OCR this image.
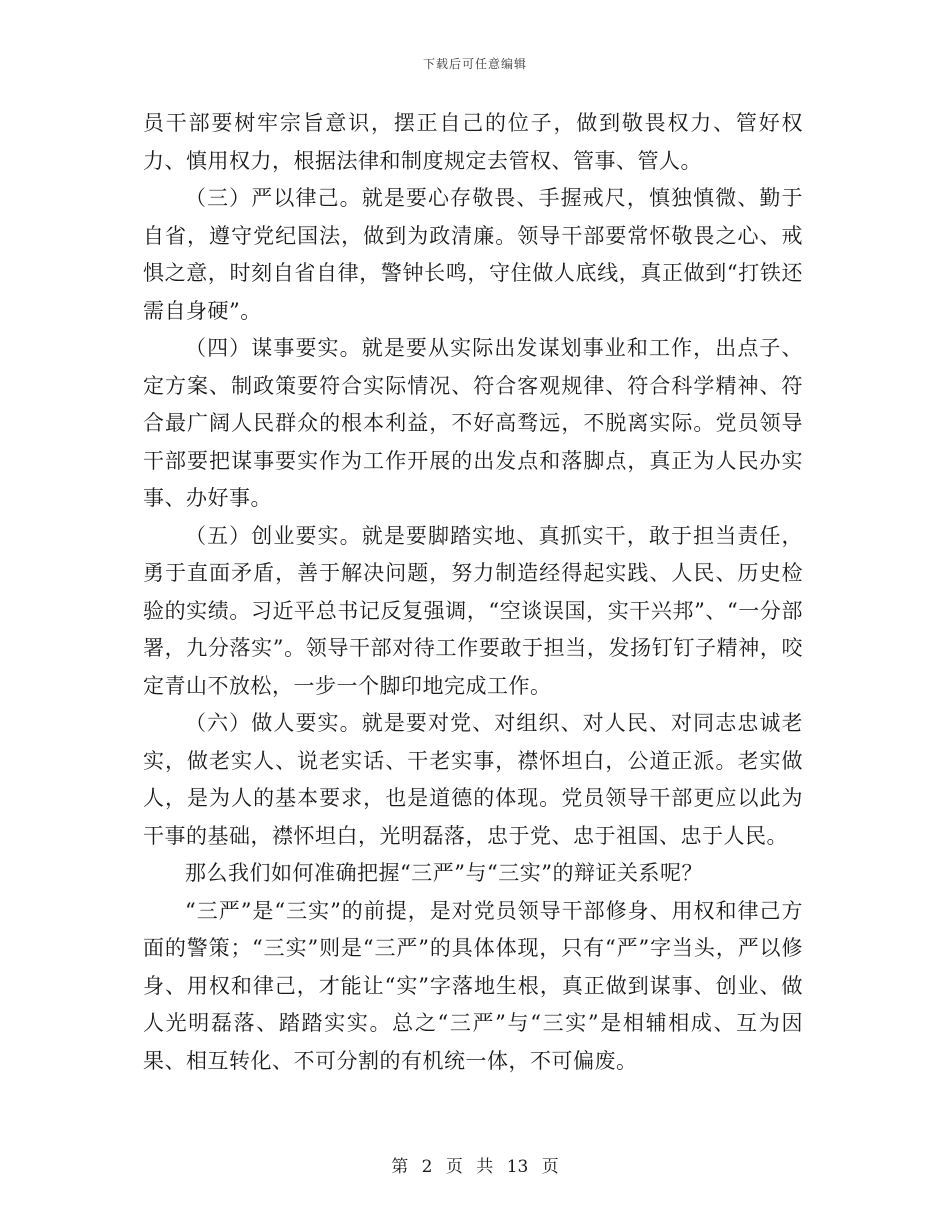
下载后可任意编辑

员干部要树牢宗旨意识，摆正自己的位子，做到敬畏权力、管好权力、慎用权力，根据法律和制度规定去管权、管事、管人。

（三）严以律己。就是要心存敬畏、手握戒尺，慎独慎微、勤于自省，遵守党纪国法，做到为政清廉。领导干部要常怀敬畏之心、戒惧之意，时刻自省自律，警钟长鸣，守住做人底线，真正做到“打铁还需自身硬”。

（四）谋事要实。就是要从实际出发谋划事业和工作，出点子、定方案、制政策要符合实际情况、符合客观规律、符合科学精神、符合最广阔人民群众的根本利益，不好高骛远，不脱离实际。党员领导干部要把谋事要实作为工作开展的出发点和落脚点，真正为人民办实事、办好事。

（五）创业要实。就是要脚踏实地、真抓实干，敢于担当责任，勇于直面矛盾，善于解决问题，努力制造经得起实践、人民、历史检验的实绩。习近平总书记反复强调，“空谈误国，实干兴邦”、“一分部署，九分落实”。领导干部对待工作要敢于担当，发扬钉钉子精神，咬定青山不放松，一步一个脚印地完成工作。

（六）做人要实。就是要对党、对组织、对人民、对同志忠诚老实，做老实人、说老实话、干老实事，襟怀坦白，公道正派。老实做人，是为人的基本要求，也是道德的体现。党员领导干部更应以此为干事的基础，襟怀坦白，光明磊落，忠于党、忠于祖国、忠于人民。

那么我们如何准确把握“三严”与“三实”的辩证关系呢？

“三严”是“三实”的前提，是对党员领导干部修身、用权和律己方面的警策；“三实”则是“三严”的具体体现，只有“严”字当头，严以修身、用权和律己，才能让“实”字落地生根，真正做到谋事、创业、做人光明磊落、踏踏实实。总之“三严”与“三实”是相辅相成、互为因果、相互转化、不可分割的有机统一体，不可偏废。

第 2 页 共 13 页
